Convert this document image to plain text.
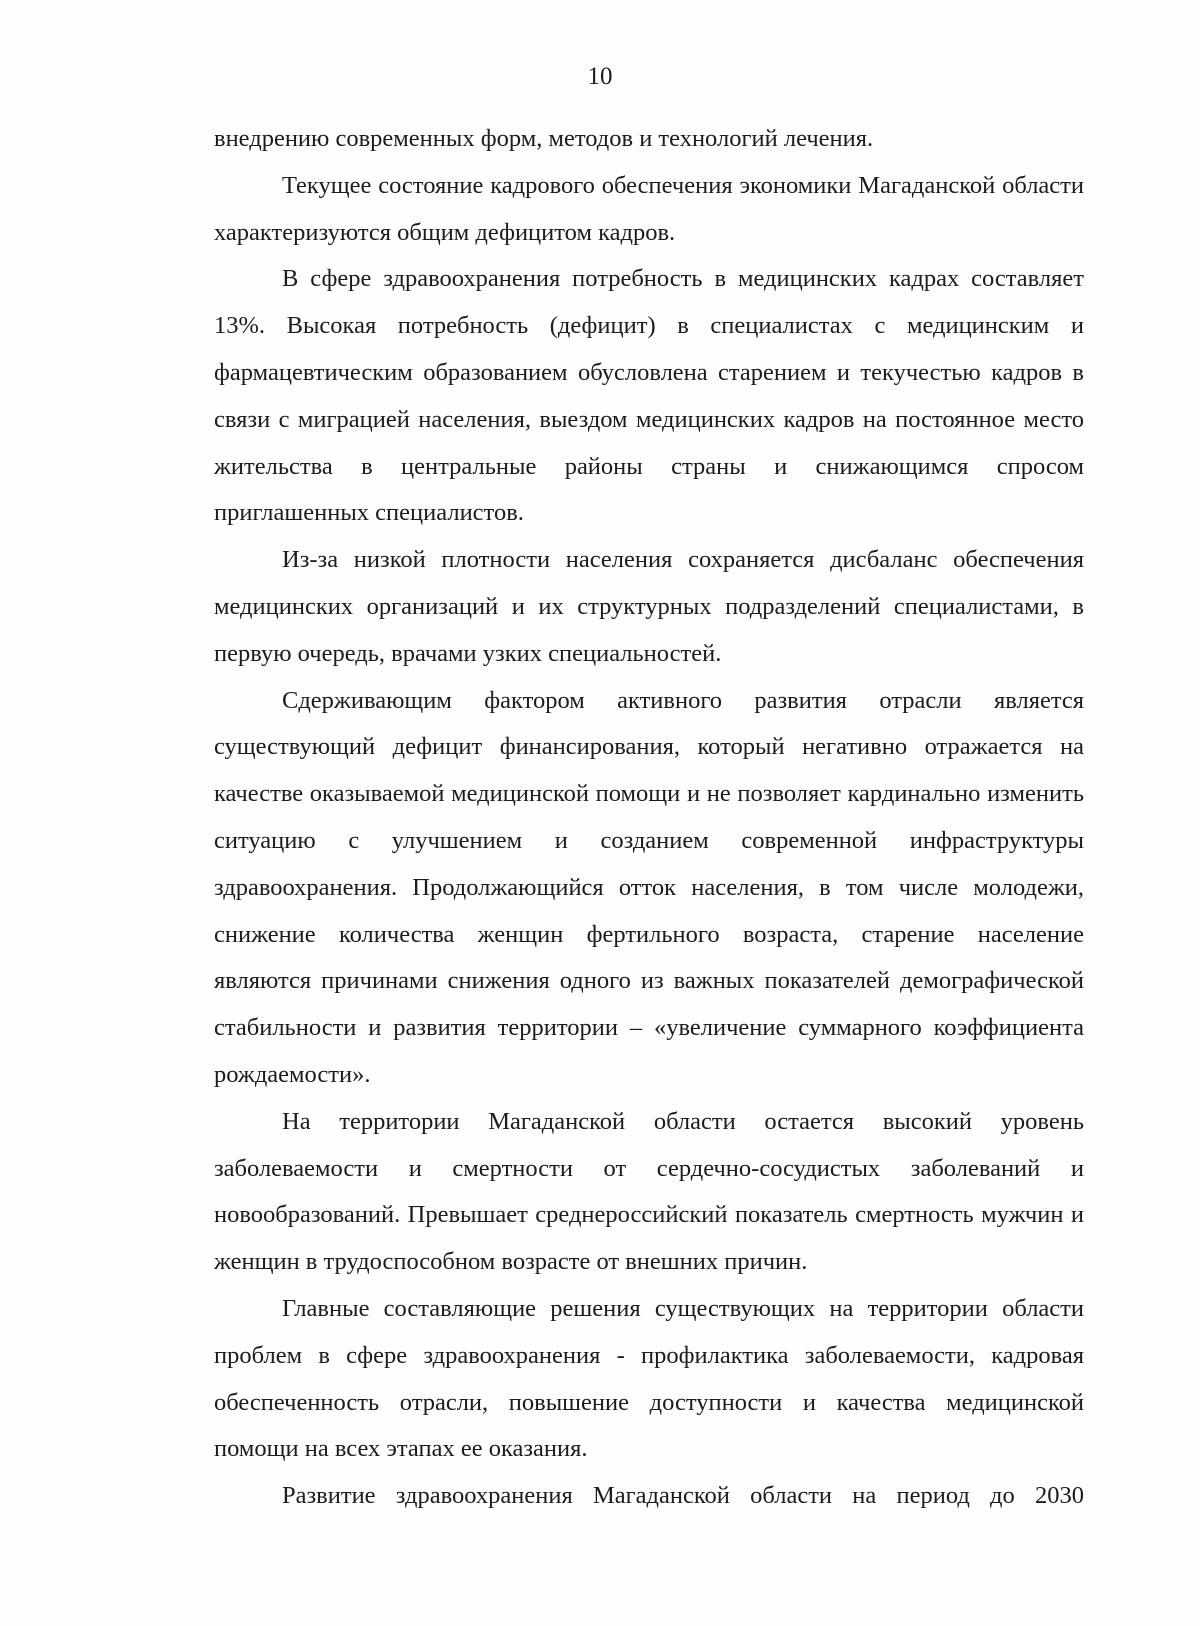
10

внедрению современных форм, методов и технологий лечения.

Текущее состояние кадрового обеспечения экономики Магаданской области характеризуются общим дефицитом кадров.

В сфере здравоохранения потребность в медицинских кадрах составляет 13%. Высокая потребность (дефицит) в специалистах с медицинским и фармацевтическим образованием обусловлена старением и текучестью кадров в связи с миграцией населения, выездом медицинских кадров на постоянное место жительства в центральные районы страны и снижающимся спросом приглашенных специалистов.

Из-за низкой плотности населения сохраняется дисбаланс обеспечения медицинских организаций и их структурных подразделений специалистами, в первую очередь, врачами узких специальностей.

Сдерживающим фактором активного развития отрасли является существующий дефицит финансирования, который негативно отражается на качестве оказываемой медицинской помощи и не позволяет кардинально изменить ситуацию с улучшением и созданием современной инфраструктуры здравоохранения. Продолжающийся отток населения, в том числе молодежи, снижение количества женщин фертильного возраста, старение население являются причинами снижения одного из важных показателей демографической стабильности и развития территории – «увеличение суммарного коэффициента рождаемости».

На территории Магаданской области остается высокий уровень заболеваемости и смертности от сердечно-сосудистых заболеваний и новообразований. Превышает среднероссийский показатель смертность мужчин и женщин в трудоспособном возрасте от внешних причин.

Главные составляющие решения существующих на территории области проблем в сфере здравоохранения - профилактика заболеваемости, кадровая обеспеченность отрасли, повышение доступности и качества медицинской помощи на всех этапах ее оказания.

Развитие здравоохранения Магаданской области на период до 2030
